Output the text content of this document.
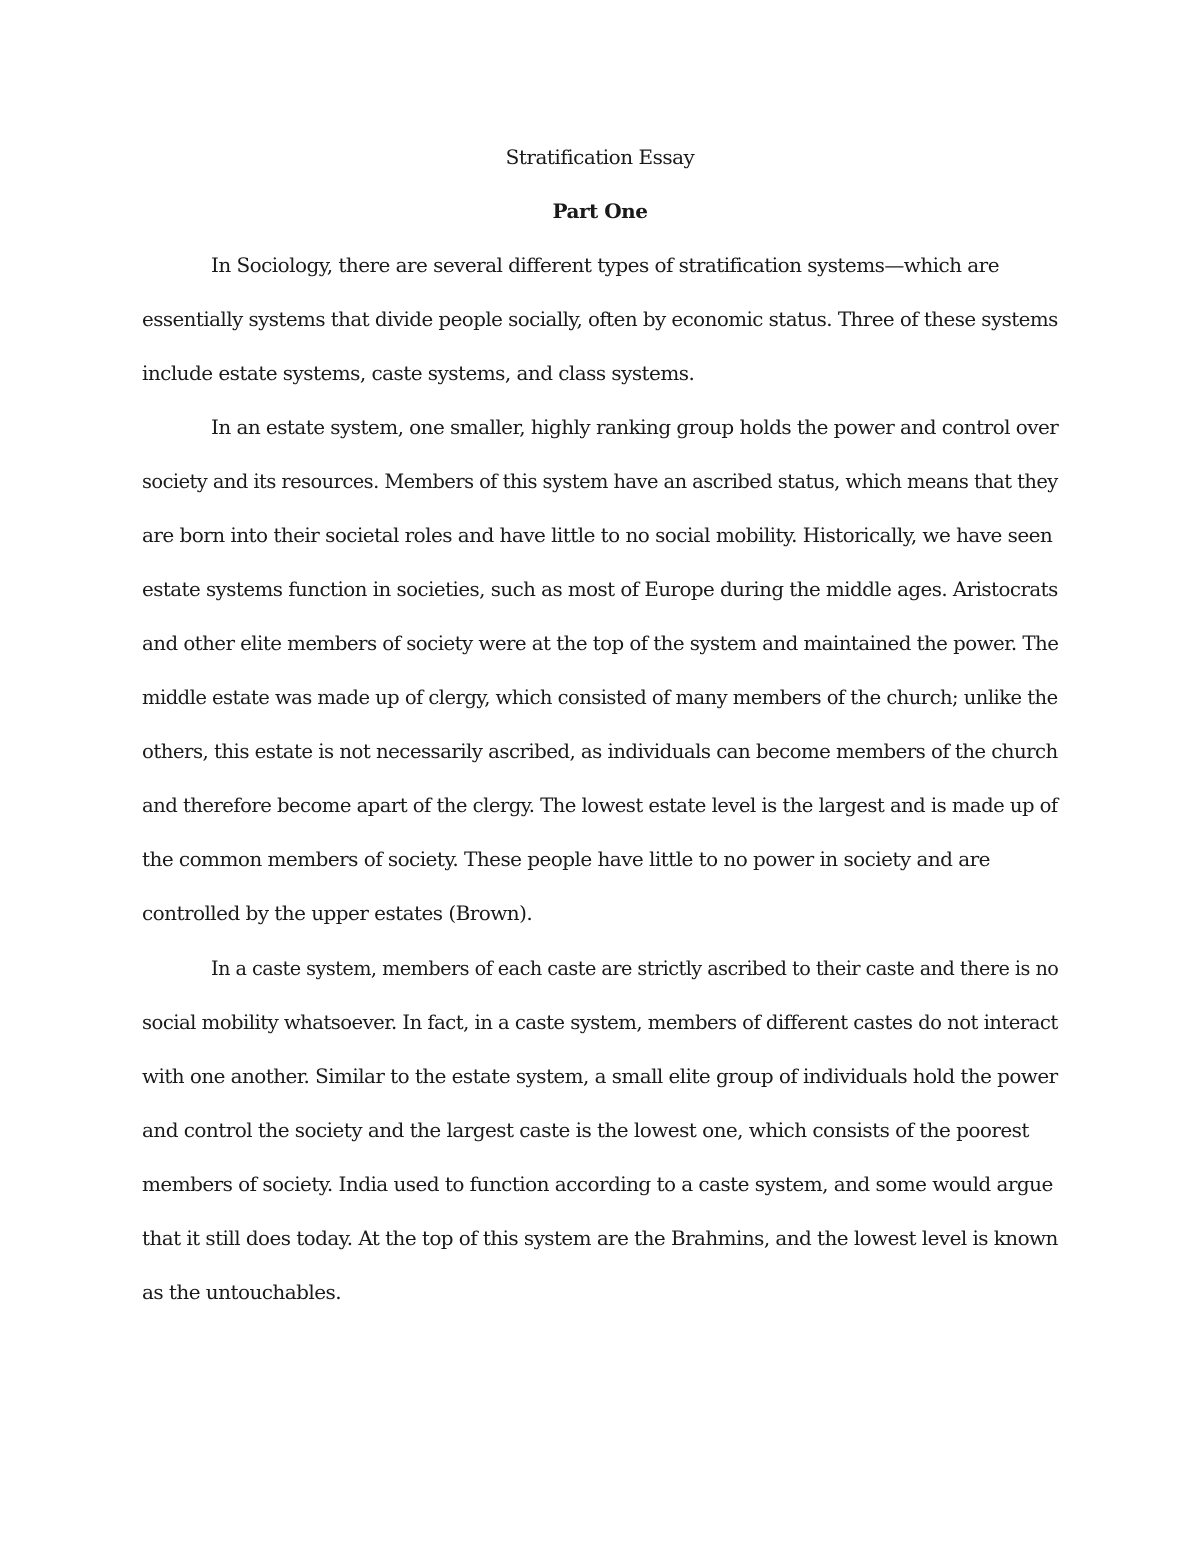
Stratification Essay
Part One
In Sociology, there are several different types of stratification systems—which are
essentially systems that divide people socially, often by economic status. Three of these systems
include estate systems, caste systems, and class systems.
In an estate system, one smaller, highly ranking group holds the power and control over
society and its resources. Members of this system have an ascribed status, which means that they
are born into their societal roles and have little to no social mobility. Historically, we have seen
estate systems function in societies, such as most of Europe during the middle ages. Aristocrats
and other elite members of society were at the top of the system and maintained the power. The
middle estate was made up of clergy, which consisted of many members of the church; unlike the
others, this estate is not necessarily ascribed, as individuals can become members of the church
and therefore become apart of the clergy. The lowest estate level is the largest and is made up of
the common members of society. These people have little to no power in society and are
controlled by the upper estates (Brown).
In a caste system, members of each caste are strictly ascribed to their caste and there is no
social mobility whatsoever. In fact, in a caste system, members of different castes do not interact
with one another. Similar to the estate system, a small elite group of individuals hold the power
and control the society and the largest caste is the lowest one, which consists of the poorest
members of society. India used to function according to a caste system, and some would argue
that it still does today. At the top of this system are the Brahmins, and the lowest level is known
as the untouchables.
